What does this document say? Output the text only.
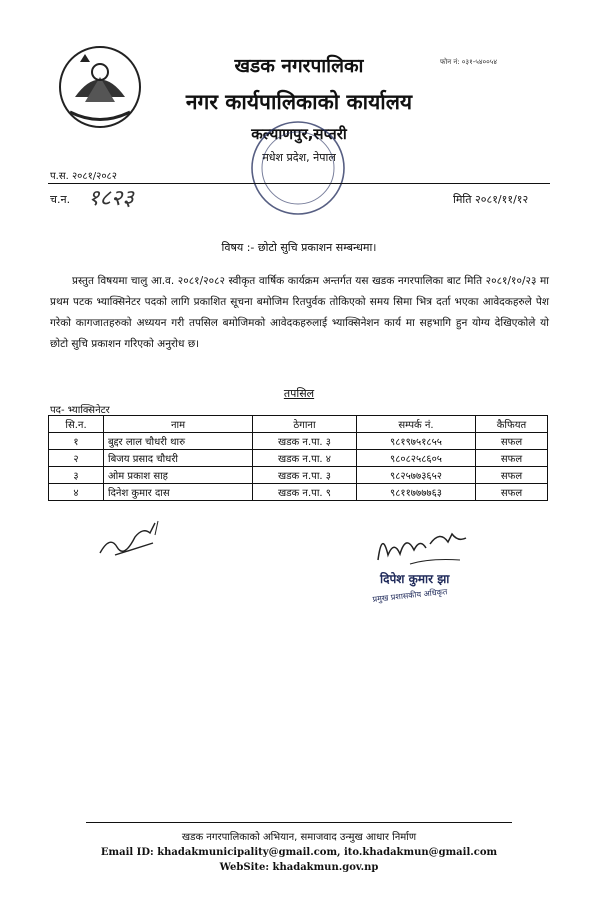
फोन नं: ०३१-५४००५४
खडक नगरपालिका
नगर कार्यपालिकाको कार्यालय
कल्याणपुर,सप्तरी
मधेश प्रदेश, नेपाल
प.स. २०८१/२०८२
च.न. १८२३	मिति २०८१/११/१२
विषय :- छोटो सुचि प्रकाशन सम्बन्धमा।
प्रस्तुत विषयमा चालु आ.व. २०८१/२०८२ स्वीकृत वार्षिक कार्यक्रम अन्तर्गत यस खडक नगरपालिका बाट मिति २०८१/१०/२३ मा प्रथम पटक भ्याक्सिनेटर पदको लागि प्रकाशित सूचना बमोजिम रितपुर्वक तोकिएको समय सिमा भित्र दर्ता भएका आवेदकहरुले पेश गरेको कागजातहरुको अध्ययन गरी तपसिल बमोजिमको आवेदकहरुलाई भ्याक्सिनेशन कार्य मा सहभागि हुन योग्य देखिएकोले यो छोटो सुचि प्रकाशन गरिएको अनुरोध छ।
तपसिल
पद- भ्याक्सिनेटर
सि.न.	नाम	ठेगाना	सम्पर्क नं.	कैफियत
१	बुद्दर लाल चौधरी थारु	खडक न.पा. ३	९८१९७५१८५५	सफल
२	बिजय प्रसाद चौधरी	खडक न.पा. ४	९८०८२५८६०५	सफल
३	ओम प्रकाश साह	खडक न.पा. ३	९८२५७७३६५२	सफल
४	दिनेश कुमार दास	खडक न.पा. ९	९८११७७७७६३	सफल
दिपेश कुमार झा
प्रमुख प्रशासकीय अधिकृत
खडक नगरपालिकाको अभियान, समाजवाद उन्मुख आधार निर्माण
Email ID: khadakmunicipality@gmail.com, ito.khadakmun@gmail.com
WebSite: khadakmun.gov.np
